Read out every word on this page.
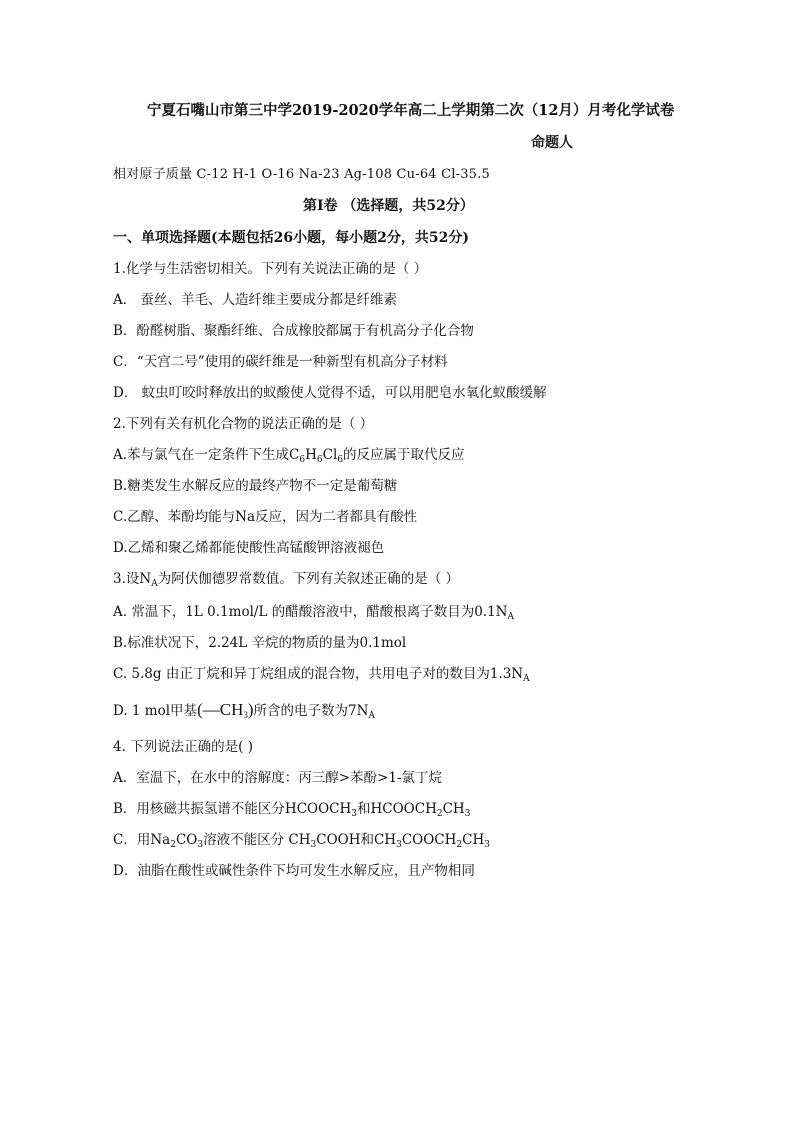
宁夏石嘴山市第三中学2019-2020学年高二上学期第二次（12月）月考化学试卷
命题人
相对原子质量 C-12 H-1 O-16 Na-23 Ag-108 Cu-64 Cl-35.5
第Ⅰ卷 （选择题，共52分）
一、单项选择题(本题包括26小题，每小题2分，共52分)
1.化学与生活密切相关。下列有关说法正确的是（ ）
A． 蚕丝、羊毛、人造纤维主要成分都是纤维素
B．酚醛树脂、聚酯纤维、合成橡胶都属于有机高分子化合物
C．“天宫二号”使用的碳纤维是一种新型有机高分子材料
D． 蚊虫叮咬时释放出的蚁酸使人觉得不适，可以用肥皂水氧化蚁酸缓解
2.下列有关有机化合物的说法正确的是（ ）
A.苯与氯气在一定条件下生成$C_6H_6Cl_6$的反应属于取代反应
B.糖类发生水解反应的最终产物不一定是葡萄糖
C.乙醇、苯酚均能与Na反应，因为二者都具有酸性
D.乙烯和聚乙烯都能使酸性高锰酸钾溶液褪色
3.设$N_A$为阿伏伽德罗常数值。下列有关叙述正确的是（ ）
A. 常温下，1L 0.1mol/L 的醋酸溶液中，醋酸根离子数目为$0.1N_A$
B.标准状况下，2.24L 辛烷的物质的量为0.1mol
C. 5.8g 由正丁烷和异丁烷组成的混合物，共用电子对的数目为$1.3N_A$
D. 1 mol甲基$(—CH_3)$所含的电子数为$7N_A$
4. 下列说法正确的是( )
A．室温下，在水中的溶解度：丙三醇>苯酚>1-氯丁烷
B．用核磁共振氢谱不能区分$HCOOCH_3$和$HCOOCH_2CH_3$
C．用$Na_2CO_3$溶液不能区分 $CH_3COOH$和$CH_3COOCH_2CH_3$
D．油脂在酸性或碱性条件下均可发生水解反应，且产物相同
